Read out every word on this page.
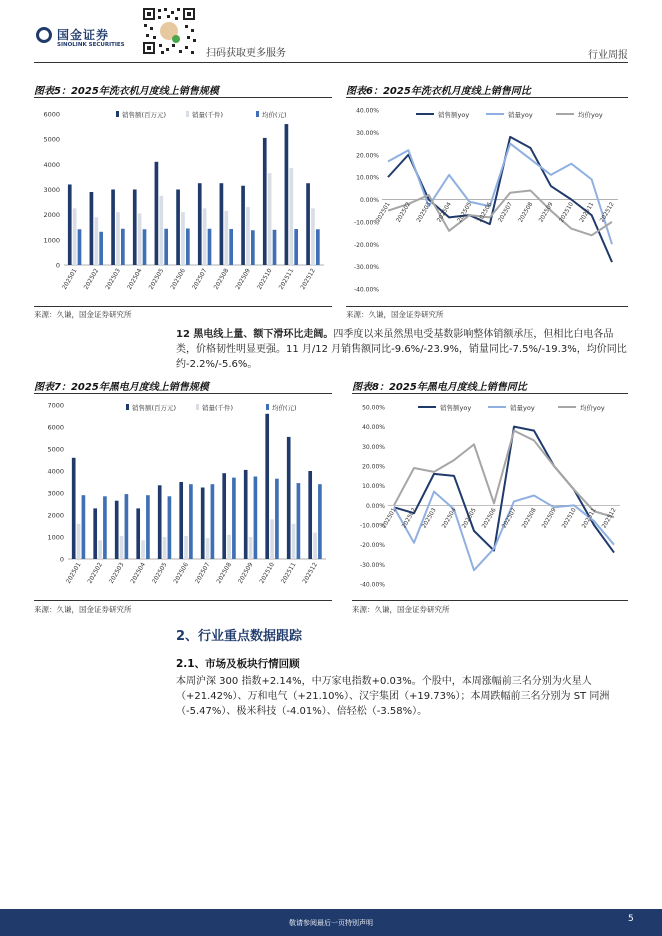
国金证券
SINOLINK SECURITIES
扫码获取更多服务	行业周报
图表5：2025年洗衣机月度线上销售规模
销售额(百万元)	销量(千件)	均价(元)
0
1000
2000
3000
4000
5000
6000
202501 202502 202503 202504 202505 202506 202507 202508 202509 202510 202511 202512
来源：久谦，国金证券研究所
图表6：2025年洗衣机月度线上销售同比
销售额yoy	销量yoy	均价yoy
40.00%
30.00%
20.00%
10.00%
0.00%
-10.00%
-20.00%
-30.00%
-40.00%
202501 202502 202503 202504 202505 202506 202507 202508 202509 202510 202511 202512
来源：久谦，国金证券研究所
12 黑电线上量、额下滑环比走阔。四季度以来虽然黑电受基数影响整体销额承压，但相比白电各品类，价格韧性明显更强。11 月/12 月销售额同比-9.6%/-23.9%，销量同比-7.5%/-19.3%，均价同比约-2.2%/-5.6%。
图表7：2025年黑电月度线上销售规模
销售额(百万元)	销量(千件)	均价(元)
0
1000
2000
3000
4000
5000
6000
7000
202501 202502 202503 202504 202505 202506 202507 202508 202509 202510 202511 202512
来源：久谦，国金证券研究所
图表8：2025年黑电月度线上销售同比
销售额yoy	销量yoy	均价yoy
50.00%
40.00%
30.00%
20.00%
10.00%
0.00%
-10.00%
-20.00%
-30.00%
-40.00%
202501 202502 202503 202504 202505 202506 202507 202508 202509 202510 202511 202512
来源：久谦，国金证券研究所
2、行业重点数据跟踪
2.1、市场及板块行情回顾
本周沪深 300 指数+2.14%，中万家电指数+0.03%。个股中，本周涨幅前三名分别为火星人（+21.42%）、万和电气（+21.10%）、汉宇集团（+19.73%）；本周跌幅前三名分别为 ST 同洲（-5.47%）、极米科技（-4.01%）、倍轻松（-3.58%）。
敬请参阅最后一页特别声明	5
